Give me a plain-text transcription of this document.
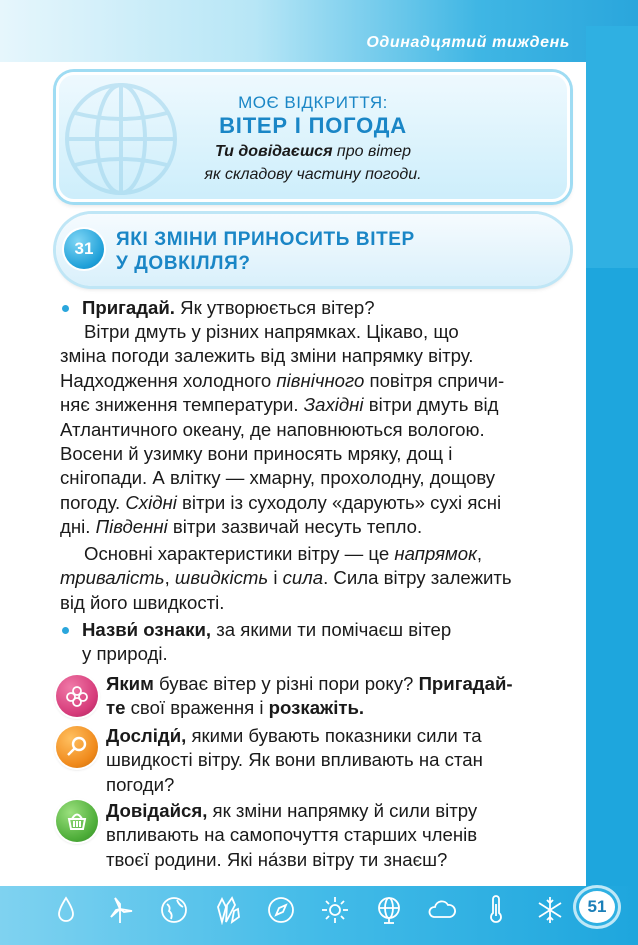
Одинадцятий тиждень
МОЄ ВІДКРИТТЯ:
ВІТЕР І ПОГОДА
Ти довідаєшся про вітер
як складову частину погоди.
31	ЯКІ ЗМІНИ ПРИНОСИТЬ ВІТЕР
У ДОВКІЛЛЯ?
Пригадай. Як утворюється вітер?
Вітри дмуть у різних напрямках. Цікаво, що
зміна погоди залежить від зміни напрямку вітру.
Надходження холодного північного повітря спричи-
няє зниження температури. Західні вітри дмуть від
Атлантичного океану, де наповнюються вологою.
Восени й узимку вони приносять мряку, дощ і
снігопади. А влітку — хмарну, прохолодну, дощову
погоду. Східні вітри із суходолу «дарують» сухі ясні
дні. Південні вітри зазвичай несуть тепло.
Основні характеристики вітру — це напрямок,
тривалість, швидкість і сила. Сила вітру залежить
від його швидкості.
Назви́ ознаки, за якими ти помічаєш вітер
у природі.
Яким буває вітер у різні пори року? Пригадай-
те свої враження і розкажіть.
Досліди́, якими бувають показники сили та
швидкості вітру. Як вони впливають на стан
погоди?
Довідайся, як зміни напрямку й сили вітру
впливають на самопочуття старших членів
твоєї родини. Які на́зви вітру ти знаєш?
51
